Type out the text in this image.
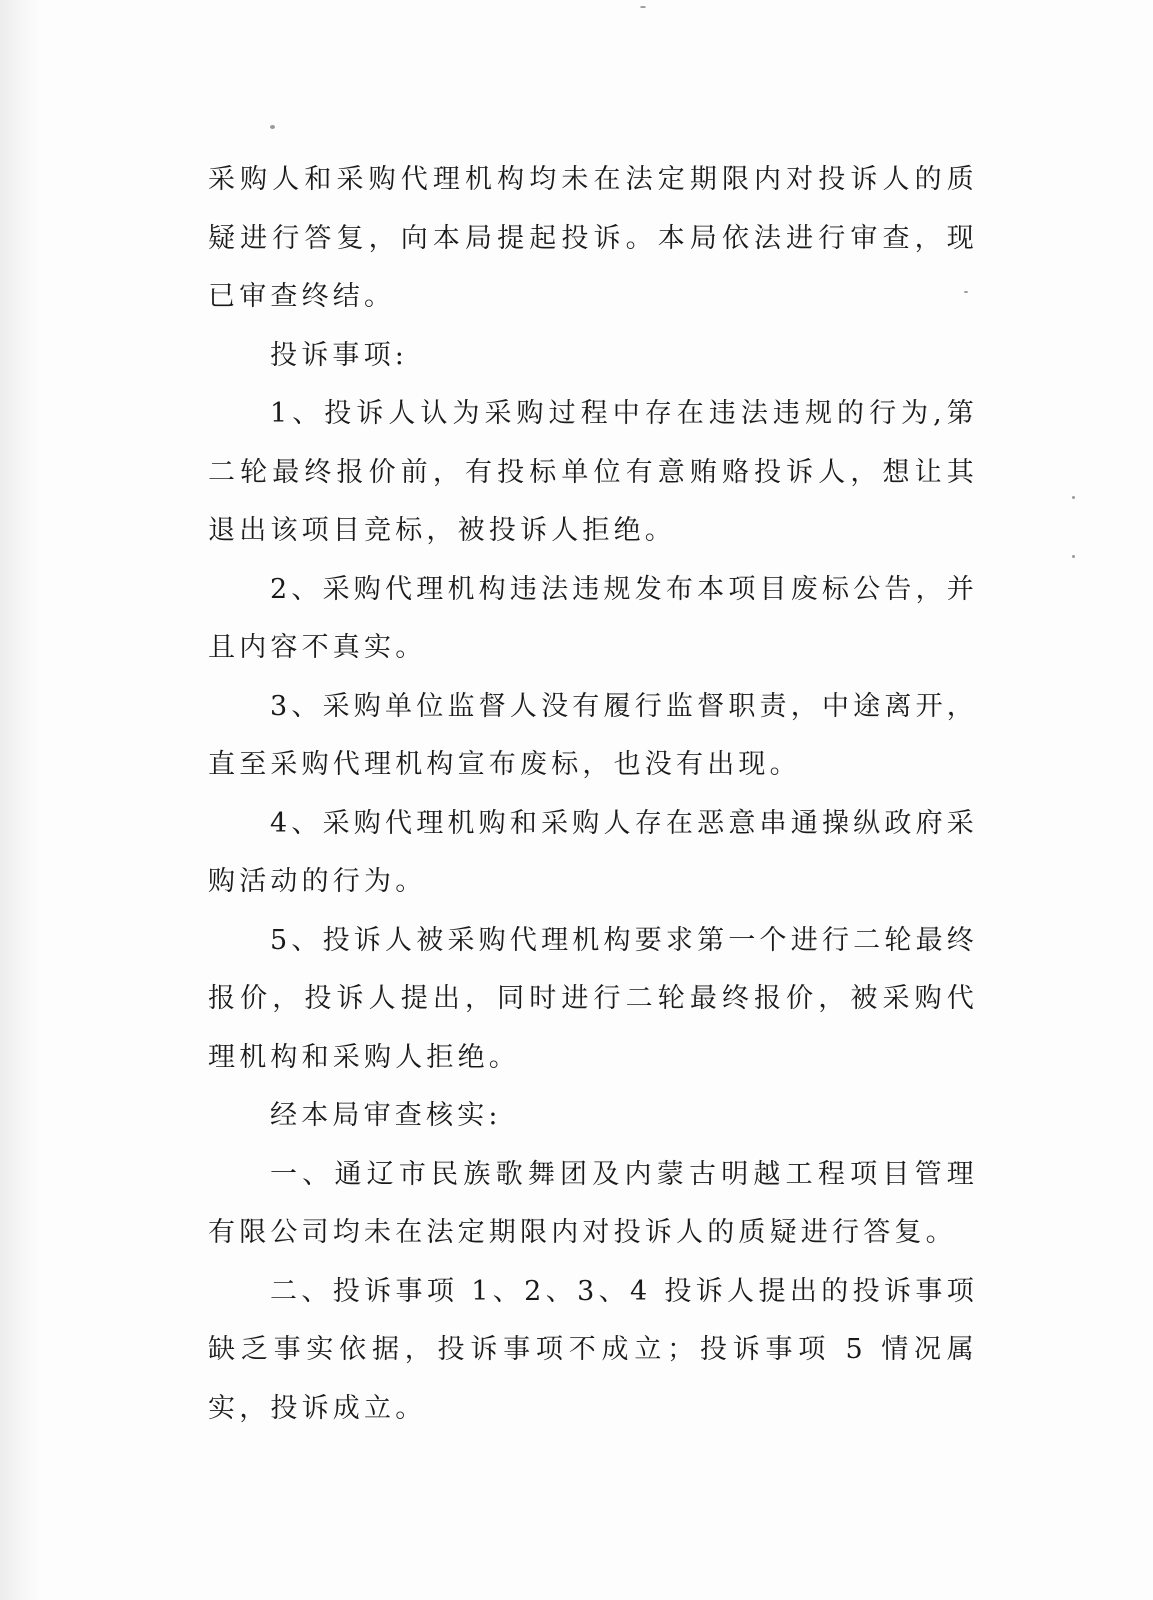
采购人和采购代理机构均未在法定期限内对投诉人的质疑进行答复，向本局提起投诉。本局依法进行审查，现已审查终结。

投诉事项:

1、投诉人认为采购过程中存在违法违规的行为,第二轮最终报价前，有投标单位有意贿赂投诉人，想让其退出该项目竞标，被投诉人拒绝。

2、采购代理机构违法违规发布本项目废标公告，并且内容不真实。

3、采购单位监督人没有履行监督职责，中途离开，直至采购代理机构宣布废标，也没有出现。

4、采购代理机购和采购人存在恶意串通操纵政府采购活动的行为。

5、投诉人被采购代理机构要求第一个进行二轮最终报价，投诉人提出，同时进行二轮最终报价，被采购代理机构和采购人拒绝。

经本局审查核实:

一、通辽市民族歌舞团及内蒙古明越工程项目管理有限公司均未在法定期限内对投诉人的质疑进行答复。

二、投诉事项 1、2、3、4 投诉人提出的投诉事项缺乏事实依据，投诉事项不成立；投诉事项 5 情况属实，投诉成立。
